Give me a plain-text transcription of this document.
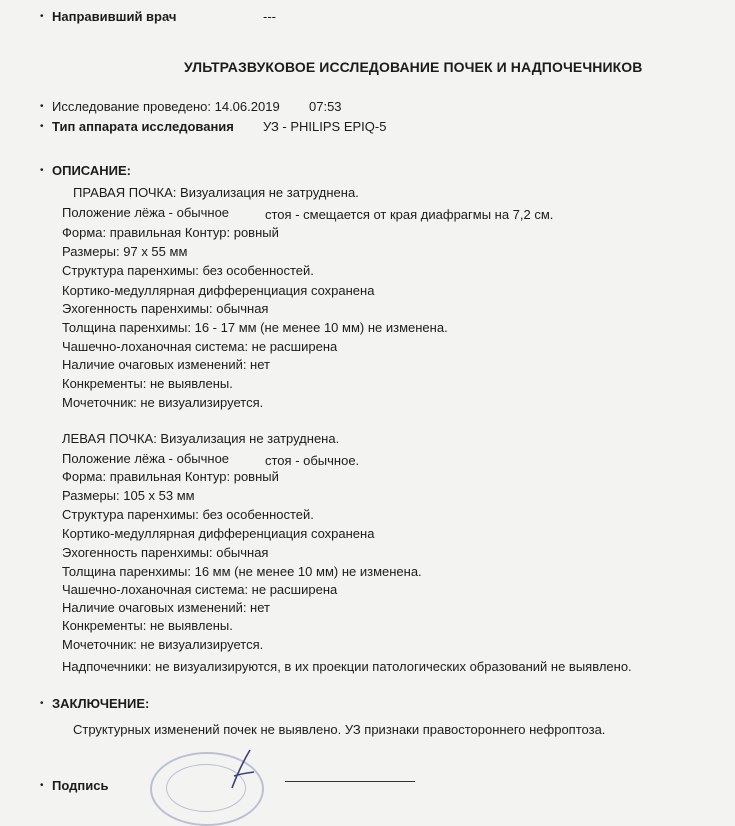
• Направивший врач	---
УЛЬТРАЗВУКОВОЕ ИССЛЕДОВАНИЕ ПОЧЕК И НАДПОЧЕЧНИКОВ
• Исследование проведено: 14.06.2019 07:53
• Тип аппарата исследования УЗ - PHILIPS EPIQ-5
• ОПИСАНИЕ:
ПРАВАЯ ПОЧКА: Визуализация не затруднена.
Положение лёжа - обычное	стоя - смещается от края диафрагмы на 7,2 см.
Форма: правильная Контур: ровный
Размеры: 97 х 55 мм
Структура паренхимы: без особенностей.
Кортико-медуллярная дифференциация сохранена
Эхогенность паренхимы: обычная
Толщина паренхимы: 16 - 17 мм (не менее 10 мм) не изменена.
Чашечно-лоханочная система: не расширена
Наличие очаговых изменений: нет
Конкременты: не выявлены.
Мочеточник: не визуализируется.
ЛЕВАЯ ПОЧКА: Визуализация не затруднена.
Положение лёжа - обычное	стоя - обычное.
Форма: правильная Контур: ровный
Размеры: 105 х 53 мм
Структура паренхимы: без особенностей.
Кортико-медуллярная дифференциация сохранена
Эхогенность паренхимы: обычная
Толщина паренхимы: 16 мм (не менее 10 мм) не изменена.
Чашечно-лоханочная система: не расширена
Наличие очаговых изменений: нет
Конкременты: не выявлены.
Мочеточник: не визуализируется.
Надпочечники: не визуализируются, в их проекции патологических образований не выявлено.
• ЗАКЛЮЧЕНИЕ:
Структурных изменений почек не выявлено. УЗ признаки правостороннего нефроптоза.
• Подпись
